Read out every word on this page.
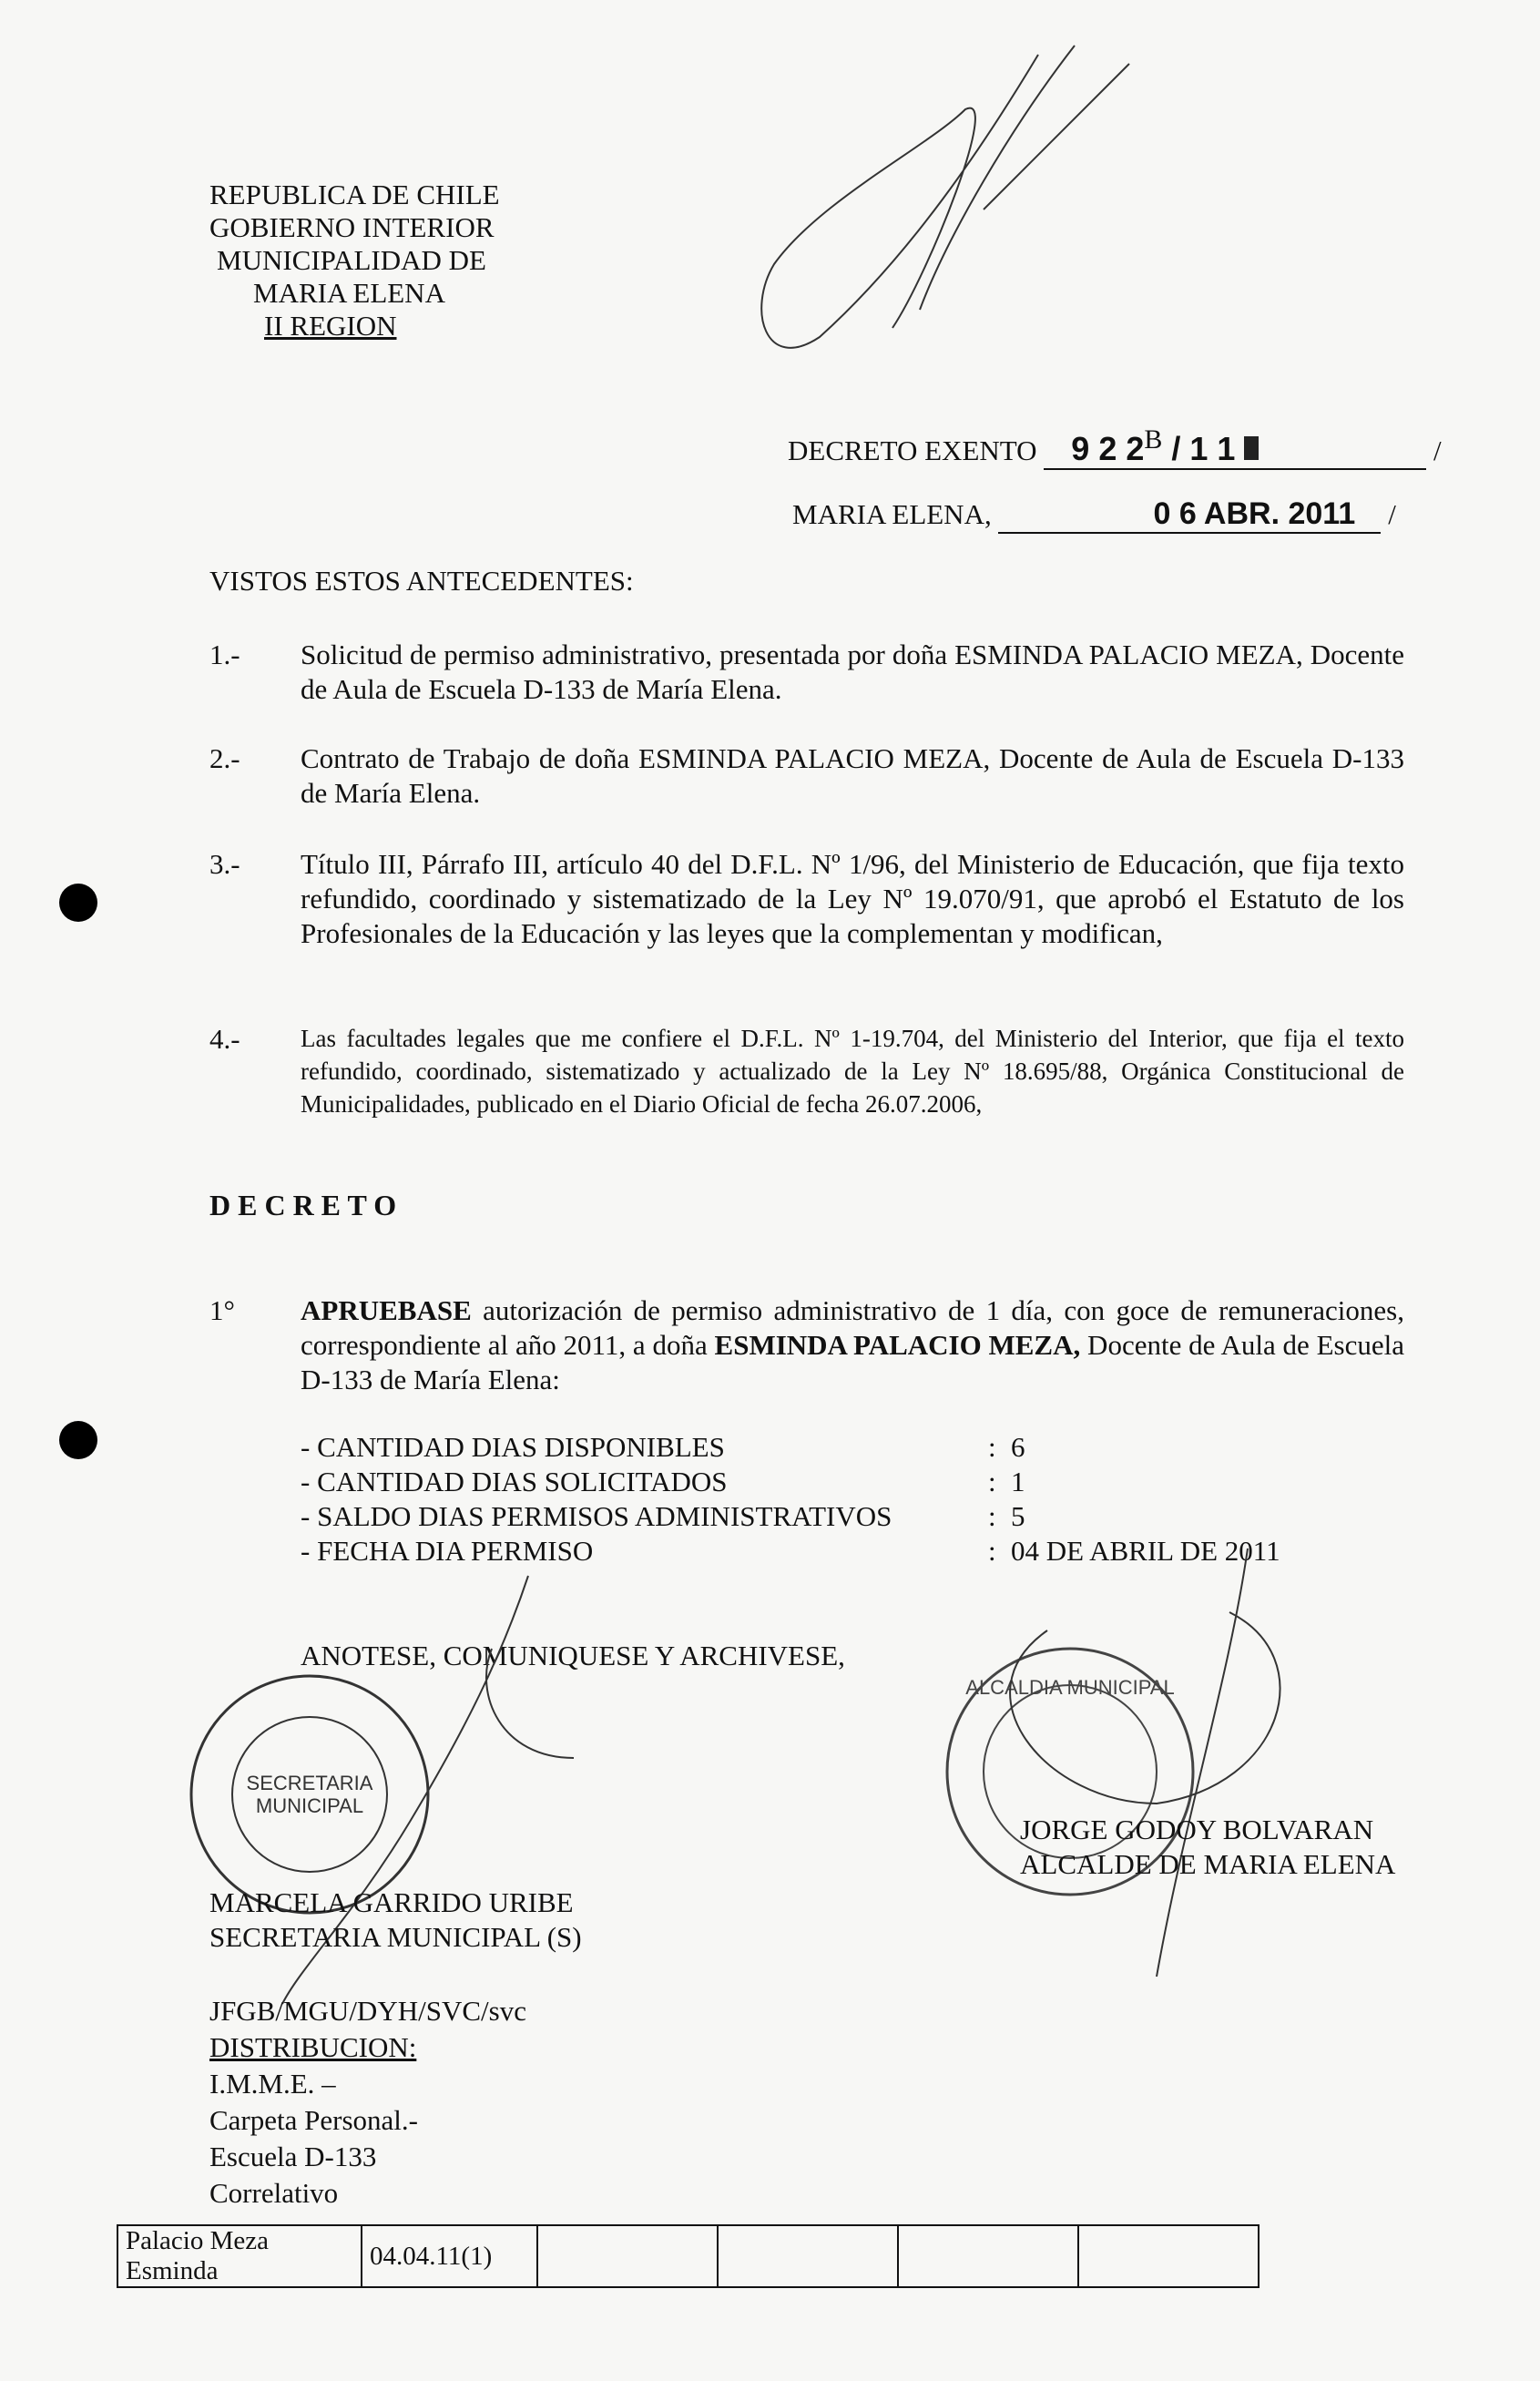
REPUBLICA DE CHILE
GOBIERNO INTERIOR
MUNICIPALIDAD DE
MARIA ELENA
II REGION
DECRETO EXENTO 9 2 $2^B / 1$ 1	/
MARIA ELENA,	0 6 ABR. 2011 /
VISTOS ESTOS ANTECEDENTES:
1.-	Solicitud de permiso administrativo, presentada por doña ESMINDA PALACIO MEZA, Docente de Aula de Escuela D-133 de María Elena.
2.-	Contrato de Trabajo de doña ESMINDA PALACIO MEZA, Docente de Aula de Escuela D-133 de María Elena.
3.-	Título III, Párrafo III, artículo 40 del D.F.L. Nº 1/96, del Ministerio de Educación, que fija texto refundido, coordinado y sistematizado de la Ley Nº 19.070/91, que aprobó el Estatuto de los Profesionales de la Educación y las leyes que la complementan y modifican,
4.-	Las facultades legales que me confiere el D.F.L. Nº 1-19.704, del Ministerio del Interior, que fija el texto refundido, coordinado, sistematizado y actualizado de la Ley Nº 18.695/88, Orgánica Constitucional de Municipalidades, publicado en el Diario Oficial de fecha 26.07.2006,
D E C R E T O
1°	APRUEBASE autorización de permiso administrativo de 1 día, con goce de remuneraciones, correspondiente al año 2011, a doña ESMINDA PALACIO MEZA, Docente de Aula de Escuela D-133 de María Elena:
- CANTIDAD DIAS DISPONIBLES	: 6
- CANTIDAD DIAS SOLICITADOS	: 1
- SALDO DIAS PERMISOS ADMINISTRATIVOS	: 5
- FECHA DIA PERMISO	: 04 DE ABRIL DE 2011
ANOTESE, COMUNIQUESE Y ARCHIVESE,
SECRETARIA
MUNICIPAL
ALCALDIA MUNICIPAL
MARCELA GARRIDO URIBE
SECRETARIA MUNICIPAL (S)
JORGE GODOY BOLVARAN
ALCALDE DE MARIA ELENA
JFGB/MGU/DYH/SVC/svc
DISTRIBUCION:
I.M.M.E. –
Carpeta Personal.-
Escuela D-133
Correlativo
Palacio Meza Esminda	04.04.11(1)				
